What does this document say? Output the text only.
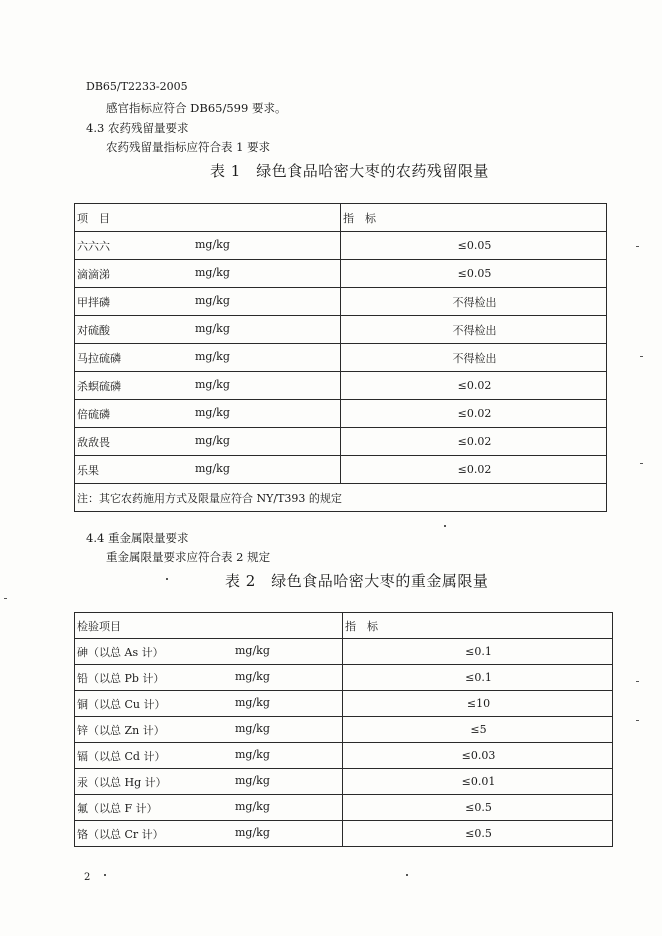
DB65/T2233-2005
感官指标应符合 DB65/599 要求。
4.3 农药残留量要求
农药残留量指标应符合表 1 要求
表 1　绿色食品哈密大枣的农药残留限量
项　目	指　标
六六六 mg/kg	≤0.05
滴滴涕 mg/kg	≤0.05
甲拌磷 mg/kg	不得检出
对硫酸 mg/kg	不得检出
马拉硫磷 mg/kg	不得检出
杀螟硫磷 mg/kg	≤0.02
倍硫磷 mg/kg	≤0.02
敌敌畏 mg/kg	≤0.02
乐果 mg/kg	≤0.02
注：其它农药施用方式及限量应符合 NY/T393 的规定	
4.4 重金属限量要求
重金属限量要求应符合表 2 规定
表 2　绿色食品哈密大枣的重金属限量
检验项目	指　标
砷（以总 As 计） mg/kg	≤0.1
铅（以总 Pb 计） mg/kg	≤0.1
铜（以总 Cu 计） mg/kg	≤10
锌（以总 Zn 计） mg/kg	≤5
镉（以总 Cd 计） mg/kg	≤0.03
汞（以总 Hg 计） mg/kg	≤0.01
氟（以总 F 计） mg/kg	≤0.5
铬（以总 Cr 计） mg/kg	≤0.5
2
